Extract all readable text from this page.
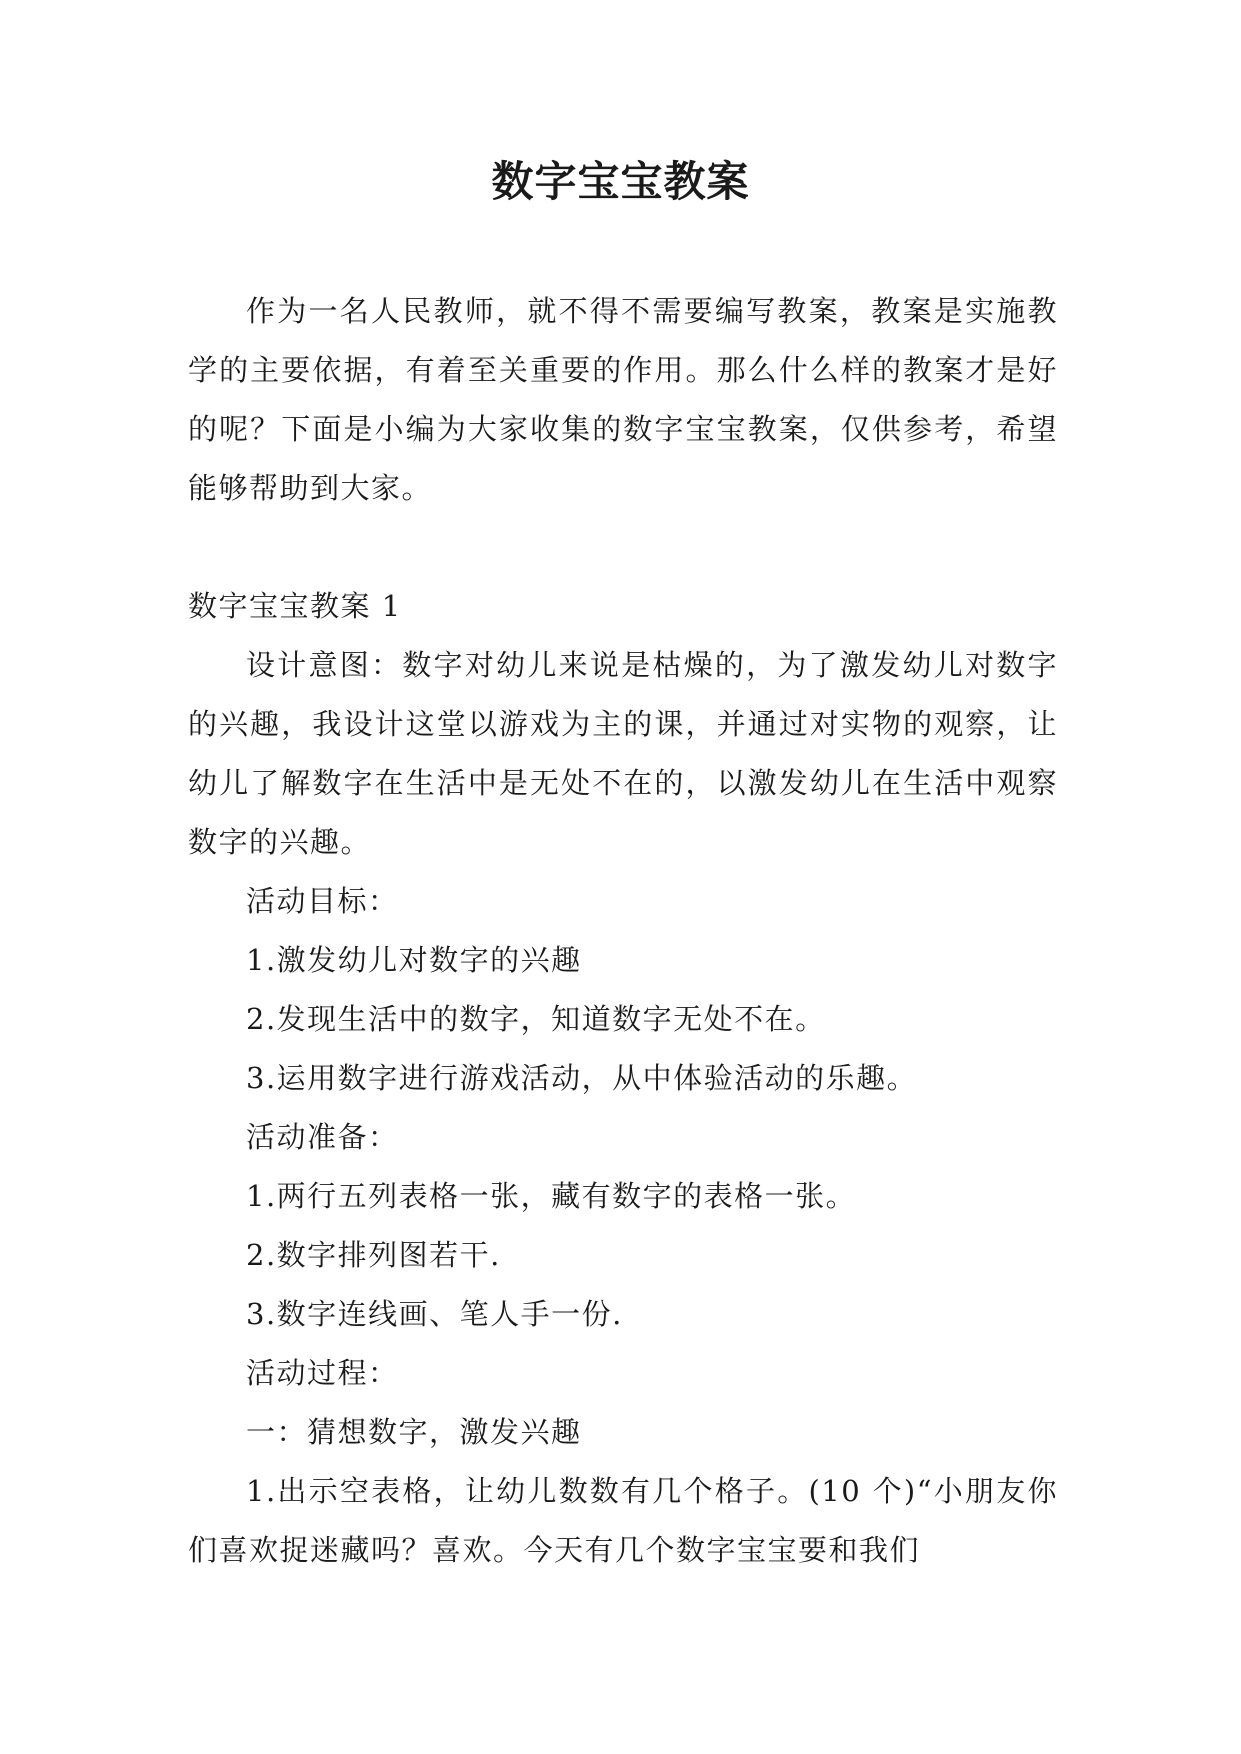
数字宝宝教案

作为一名人民教师，就不得不需要编写教案，教案是实施教学的主要依据，有着至关重要的作用。那么什么样的教案才是好的呢？下面是小编为大家收集的数字宝宝教案，仅供参考，希望能够帮助到大家。

数字宝宝教案 1

设计意图：数字对幼儿来说是枯燥的，为了激发幼儿对数字的兴趣，我设计这堂以游戏为主的课，并通过对实物的观察，让幼儿了解数字在生活中是无处不在的，以激发幼儿在生活中观察数字的兴趣。

活动目标：

1.激发幼儿对数字的兴趣

2.发现生活中的数字，知道数字无处不在。

3.运用数字进行游戏活动，从中体验活动的乐趣。

活动准备：

1.两行五列表格一张，藏有数字的表格一张。

2.数字排列图若干.

3.数字连线画、笔人手一份.

活动过程：

一：猜想数字，激发兴趣

1.出示空表格，让幼儿数数有几个格子。(10 个)“小朋友你们喜欢捉迷藏吗？喜欢。今天有几个数字宝宝要和我们
